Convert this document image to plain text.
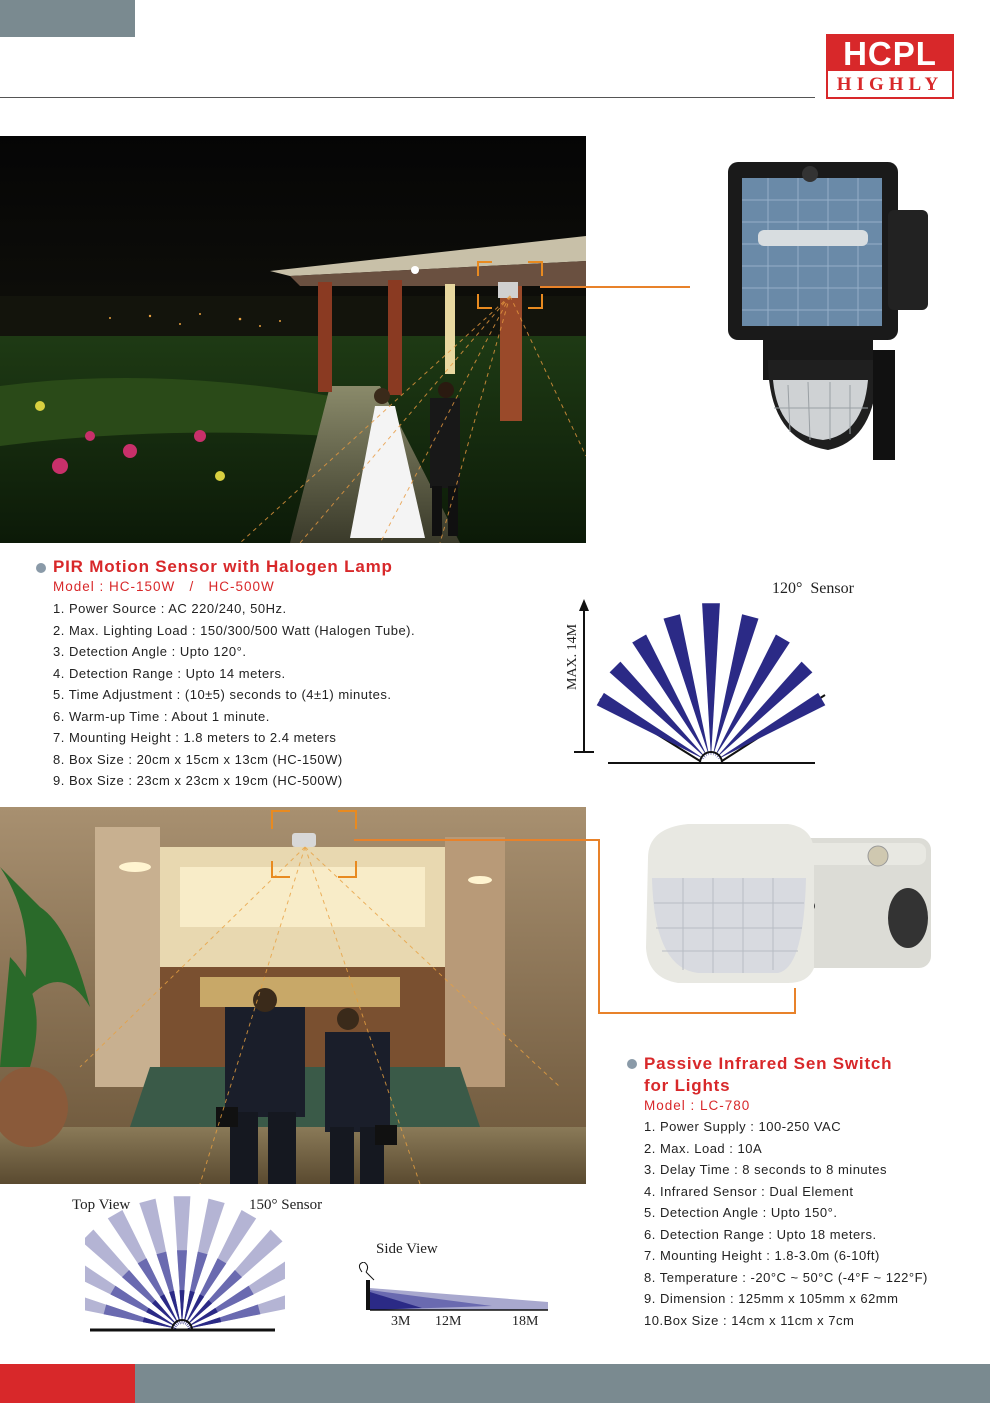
HCPL
HIGHLY
PIR Motion Sensor with Halogen Lamp
Model : HC-150W   /   HC-500W
1. Power Source : AC 220/240, 50Hz.
2. Max. Lighting Load : 150/300/500 Watt (Halogen Tube).
3. Detection Angle : Upto 120°.
4. Detection Range : Upto 14 meters.
5. Time Adjustment : (10±5) seconds to (4±1) minutes.
6. Warm-up Time : About 1 minute.
7. Mounting Height : 1.8 meters to 2.4 meters
8. Box Size : 20cm x 15cm x 13cm (HC-150W)
9. Box Size : 23cm x 23cm x 19cm (HC-500W)
120°  Sensor
MAX. 14M
Passive Infrared Sen Switch
for Lights
Model : LC-780
1. Power Supply : 100-250 VAC
2. Max. Load : 10A
3. Delay Time : 8 seconds to 8 minutes
4. Infrared Sensor : Dual Element
5. Detection Angle : Upto 150°.
6. Detection Range : Upto 18 meters.
7. Mounting Height : 1.8-3.0m (6-10ft)
8. Temperature : -20°C ~ 50°C (-4°F ~ 122°F)
9. Dimension : 125mm x 105mm x 62mm
10.Box Size : 14cm x 11cm x 7cm
Top View	150° Sensor
Side View
3M 12M	18M
